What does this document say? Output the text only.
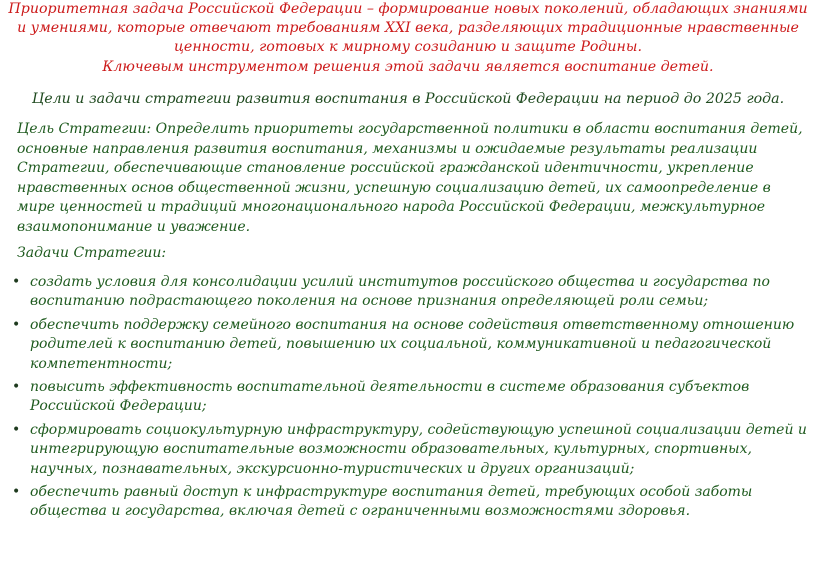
Приоритетная задача Российской Федерации – формирование новых поколений, обладающих знаниями и умениями, которые отвечают требованиям XXI века, разделяющих традиционные нравственные ценности, готовых к мирному созиданию и защите Родины.

Ключевым инструментом решения этой задачи является воспитание детей.

Цели и задачи стратегии развития воспитания в Российской Федерации на период до 2025 года.
Цель Стратегии: Определить приоритеты государственной политики в области воспитания детей, основные направления развития воспитания, механизмы и ожидаемые результаты реализации Стратегии, обеспечивающие становление российской гражданской идентичности, укрепление нравственных основ общественной жизни, успешную социализацию детей, их самоопределение в мире ценностей и традиций многонационального народа Российской Федерации, межкультурное взаимопонимание и уважение.
Задачи Стратегии:
• создать условия для консолидации усилий институтов российского общества и государства по воспитанию подрастающего поколения на основе признания определяющей роли семьи;
• обеспечить поддержку семейного воспитания на основе содействия ответственному отношению родителей к воспитанию детей, повышению их социальной, коммуникативной и педагогической компетентности;
• повысить эффективность воспитательной деятельности в системе образования субъектов Российской Федерации;
• сформировать социокультурную инфраструктуру, содействующую успешной социализации детей и интегрирующую воспитательные возможности образовательных, культурных, спортивных, научных, познавательных, экскурсионно-туристических и других организаций;
• обеспечить равный доступ к инфраструктуре воспитания детей, требующих особой заботы общества и государства, включая детей с ограниченными возможностями здоровья.
